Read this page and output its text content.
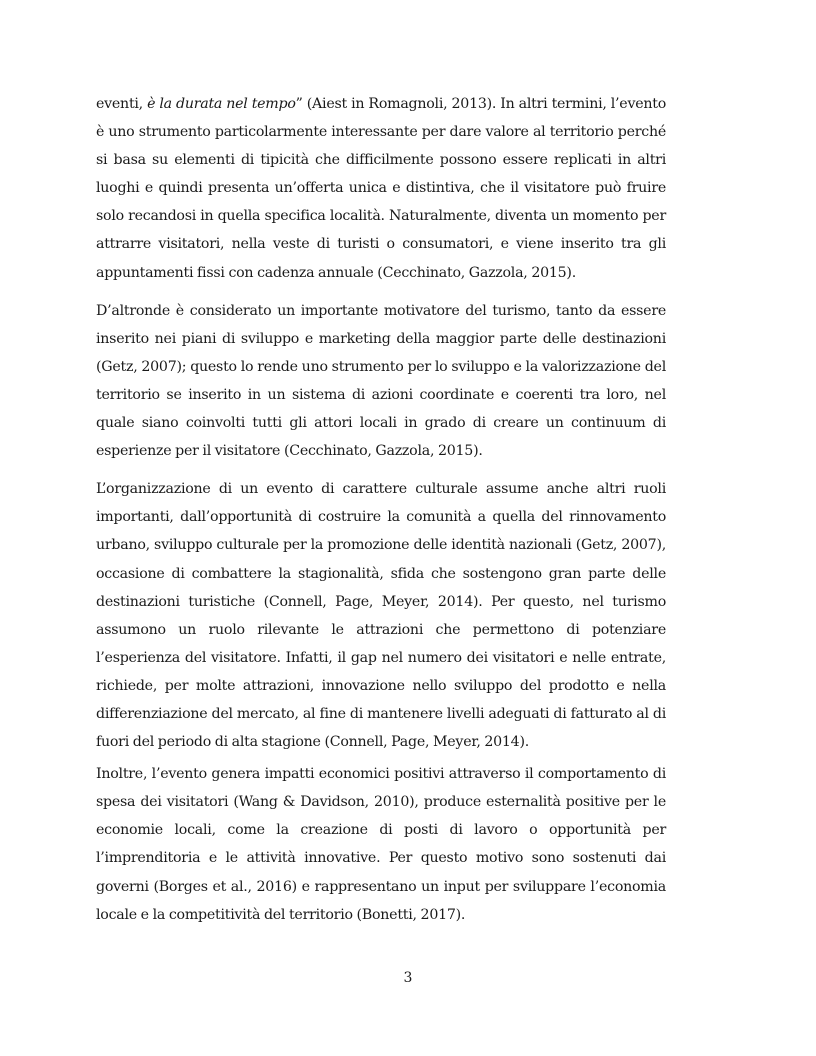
eventi, è la durata nel tempo” (Aiest in Romagnoli, 2013). In altri termini, l’evento è uno strumento particolarmente interessante per dare valore al territorio perché si basa su elementi di tipicità che difficilmente possono essere replicati in altri luoghi e quindi presenta un’offerta unica e distintiva, che il visitatore può fruire solo recandosi in quella specifica località. Naturalmente, diventa un momento per attrarre visitatori, nella veste di turisti o consumatori, e viene inserito tra gli appuntamenti fissi con cadenza annuale (Cecchinato, Gazzola, 2015).

D’altronde è considerato un importante motivatore del turismo, tanto da essere inserito nei piani di sviluppo e marketing della maggior parte delle destinazioni (Getz, 2007); questo lo rende uno strumento per lo sviluppo e la valorizzazione del territorio se inserito in un sistema di azioni coordinate e coerenti tra loro, nel quale siano coinvolti tutti gli attori locali in grado di creare un continuum di esperienze per il visitatore (Cecchinato, Gazzola, 2015).

L’organizzazione di un evento di carattere culturale assume anche altri ruoli importanti, dall’opportunità di costruire la comunità a quella del rinnovamento urbano, sviluppo culturale per la promozione delle identità nazionali (Getz, 2007), occasione di combattere la stagionalità, sfida che sostengono gran parte delle destinazioni turistiche (Connell, Page, Meyer, 2014). Per questo, nel turismo assumono un ruolo rilevante le attrazioni che permettono di potenziare l’esperienza del visitatore. Infatti, il gap nel numero dei visitatori e nelle entrate, richiede, per molte attrazioni, innovazione nello sviluppo del prodotto e nella differenziazione del mercato, al fine di mantenere livelli adeguati di fatturato al di fuori del periodo di alta stagione (Connell, Page, Meyer, 2014).

Inoltre, l’evento genera impatti economici positivi attraverso il comportamento di spesa dei visitatori (Wang & Davidson, 2010), produce esternalità positive per le economie locali, come la creazione di posti di lavoro o opportunità per l’imprenditoria e le attività innovative. Per questo motivo sono sostenuti dai governi (Borges et al., 2016) e rappresentano un input per sviluppare l’economia locale e la competitività del territorio (Bonetti, 2017).

3
